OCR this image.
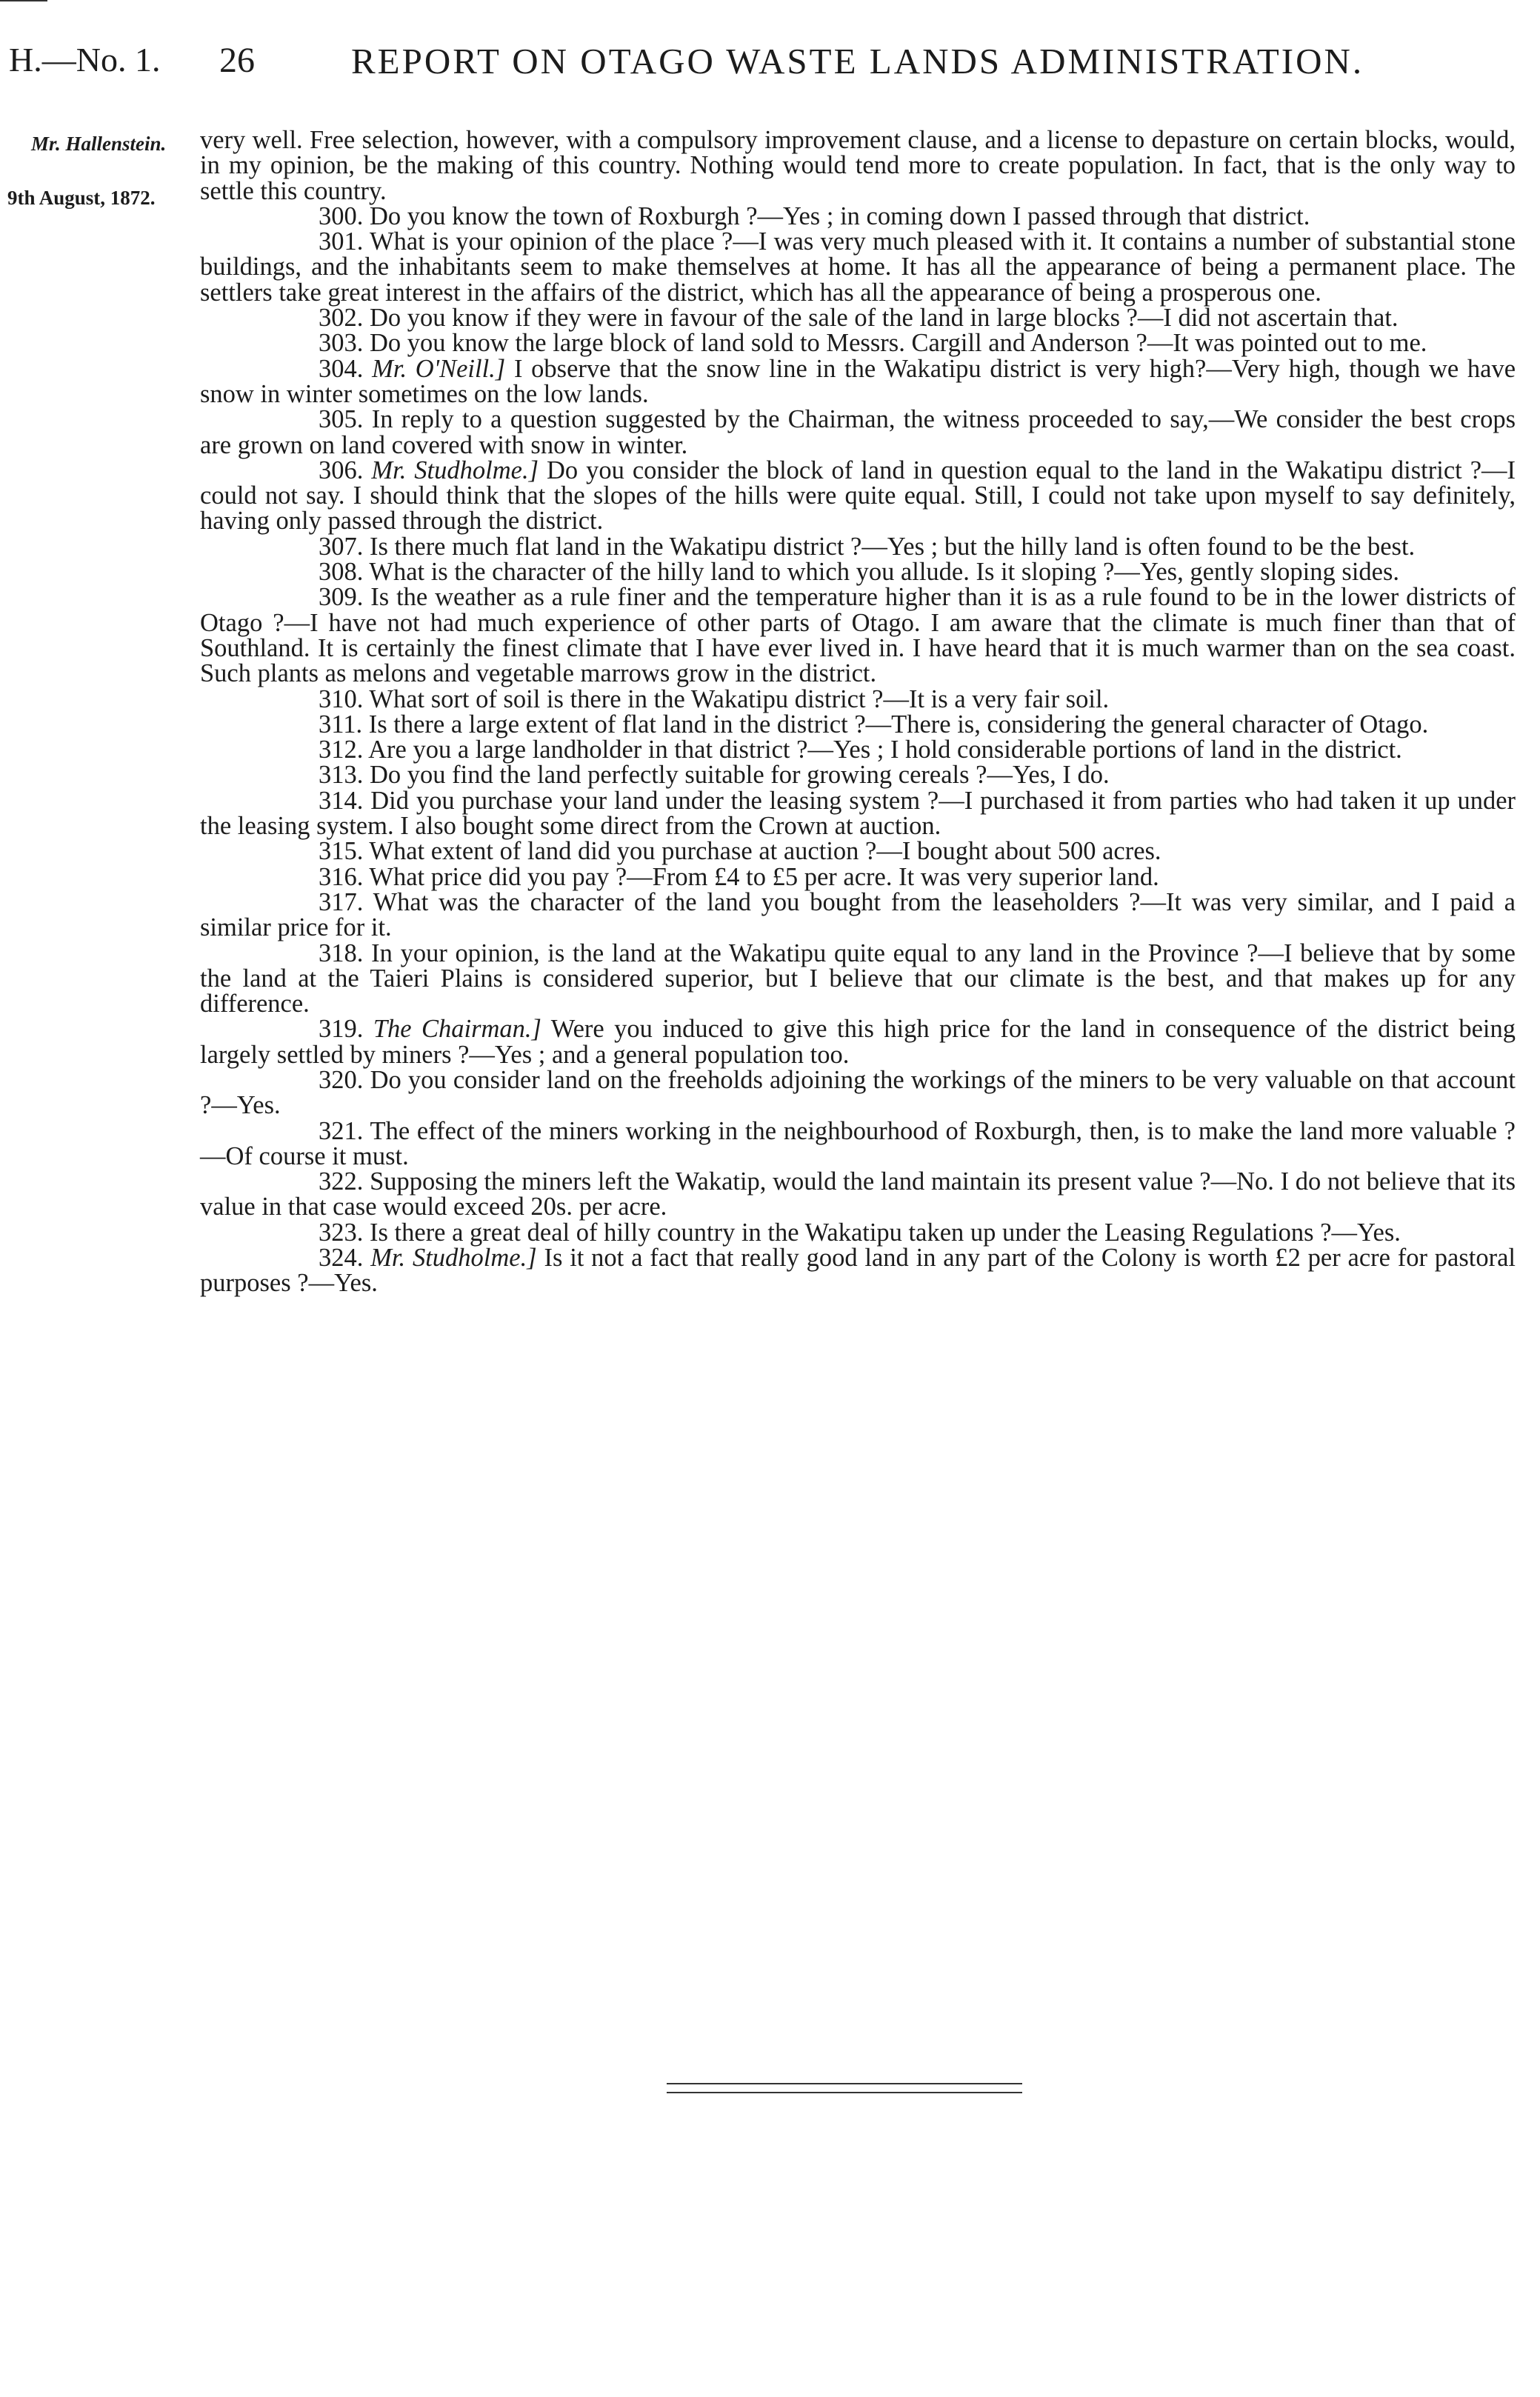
H.—No. 1. 26	REPORT ON OTAGO WASTE LANDS ADMINISTRATION.
Mr. Hallenstein.
9th August, 1872.

very well. Free selection, however, with a compulsory improvement clause, and a license to depasture on certain blocks, would, in my opinion, be the making of this country. Nothing would tend more to create population. In fact, that is the only way to settle this country.

300. Do you know the town of Roxburgh ?—Yes ; in coming down I passed through that district.

301. What is your opinion of the place ?—I was very much pleased with it. It contains a number of substantial stone buildings, and the inhabitants seem to make themselves at home. It has all the appearance of being a permanent place. The settlers take great interest in the affairs of the district, which has all the appearance of being a prosperous one.

302. Do you know if they were in favour of the sale of the land in large blocks ?—I did not ascertain that.

303. Do you know the large block of land sold to Messrs. Cargill and Anderson ?—It was pointed out to me.

304. Mr. O'Neill.] I observe that the snow line in the Wakatipu district is very high?—Very high, though we have snow in winter sometimes on the low lands.

305. In reply to a question suggested by the Chairman, the witness proceeded to say,—We consider the best crops are grown on land covered with snow in winter.

306. Mr. Studholme.] Do you consider the block of land in question equal to the land in the Wakatipu district ?—I could not say. I should think that the slopes of the hills were quite equal. Still, I could not take upon myself to say definitely, having only passed through the district.

307. Is there much flat land in the Wakatipu district ?—Yes ; but the hilly land is often found to be the best.

308. What is the character of the hilly land to which you allude. Is it sloping ?—Yes, gently sloping sides.

309. Is the weather as a rule finer and the temperature higher than it is as a rule found to be in the lower districts of Otago ?—I have not had much experience of other parts of Otago. I am aware that the climate is much finer than that of Southland. It is certainly the finest climate that I have ever lived in. I have heard that it is much warmer than on the sea coast. Such plants as melons and vegetable marrows grow in the district.

310. What sort of soil is there in the Wakatipu district ?—It is a very fair soil.

311. Is there a large extent of flat land in the district ?—There is, considering the general character of Otago.

312. Are you a large landholder in that district ?—Yes ; I hold considerable portions of land in the district.

313. Do you find the land perfectly suitable for growing cereals ?—Yes, I do.

314. Did you purchase your land under the leasing system ?—I purchased it from parties who had taken it up under the leasing system. I also bought some direct from the Crown at auction.

315. What extent of land did you purchase at auction ?—I bought about 500 acres.

316. What price did you pay ?—From £4 to £5 per acre. It was very superior land.

317. What was the character of the land you bought from the leaseholders ?—It was very similar, and I paid a similar price for it.

318. In your opinion, is the land at the Wakatipu quite equal to any land in the Province ?—I believe that by some the land at the Taieri Plains is considered superior, but I believe that our climate is the best, and that makes up for any difference.

319. The Chairman.] Were you induced to give this high price for the land in consequence of the district being largely settled by miners ?—Yes ; and a general population too.

320. Do you consider land on the freeholds adjoining the workings of the miners to be very valuable on that account ?—Yes.

321. The effect of the miners working in the neighbourhood of Roxburgh, then, is to make the land more valuable ?—Of course it must.

322. Supposing the miners left the Wakatip, would the land maintain its present value ?—No. I do not believe that its value in that case would exceed 20s. per acre.

323. Is there a great deal of hilly country in the Wakatipu taken up under the Leasing Regulations ?—Yes.

324. Mr. Studholme.] Is it not a fact that really good land in any part of the Colony is worth £2 per acre for pastoral purposes ?—Yes.
